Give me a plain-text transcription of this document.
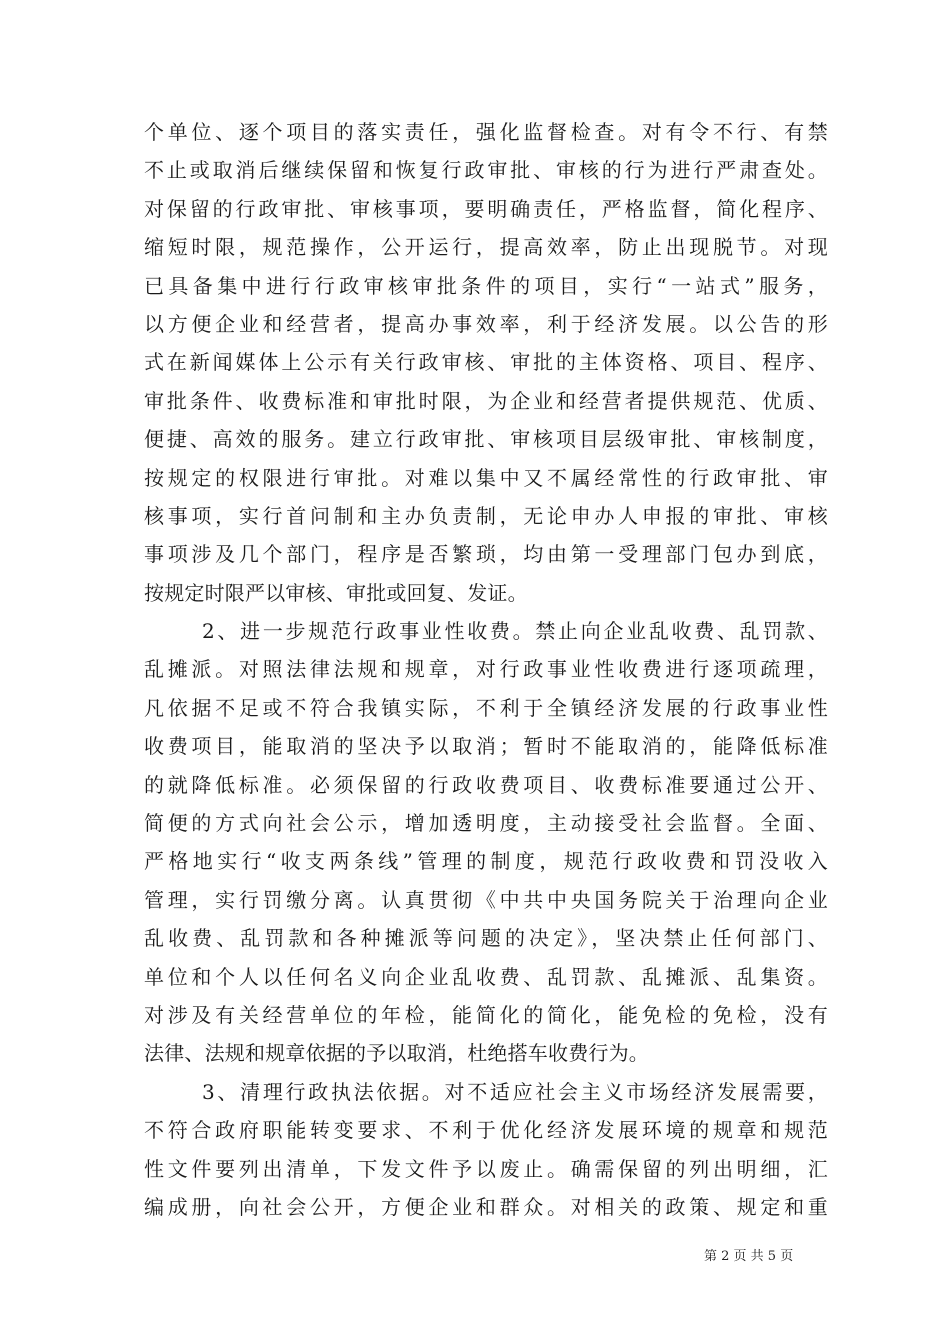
个单位、逐个项目的落实责任，强化监督检查。对有令不行、有禁
不止或取消后继续保留和恢复行政审批、审核的行为进行严肃查处。
对保留的行政审批、审核事项，要明确责任，严格监督，简化程序、
缩短时限，规范操作，公开运行，提高效率，防止出现脱节。对现
已具备集中进行行政审核审批条件的项目，实行“一站式”服务，
以方便企业和经营者，提高办事效率，利于经济发展。以公告的形
式在新闻媒体上公示有关行政审核、审批的主体资格、项目、程序、
审批条件、收费标准和审批时限，为企业和经营者提供规范、优质、
便捷、高效的服务。建立行政审批、审核项目层级审批、审核制度，
按规定的权限进行审批。对难以集中又不属经常性的行政审批、审
核事项，实行首问制和主办负责制，无论申办人申报的审批、审核
事项涉及几个部门，程序是否繁琐，均由第一受理部门包办到底，
按规定时限严以审核、审批或回复、发证。
2、进一步规范行政事业性收费。禁止向企业乱收费、乱罚款、
乱摊派。对照法律法规和规章，对行政事业性收费进行逐项疏理，
凡依据不足或不符合我镇实际，不利于全镇经济发展的行政事业性
收费项目，能取消的坚决予以取消；暂时不能取消的，能降低标准
的就降低标准。必须保留的行政收费项目、收费标准要通过公开、
简便的方式向社会公示，增加透明度，主动接受社会监督。全面、
严格地实行“收支两条线”管理的制度，规范行政收费和罚没收入
管理，实行罚缴分离。认真贯彻《中共中央国务院关于治理向企业
乱收费、乱罚款和各种摊派等问题的决定》，坚决禁止任何部门、
单位和个人以任何名义向企业乱收费、乱罚款、乱摊派、乱集资。
对涉及有关经营单位的年检，能简化的简化，能免检的免检，没有
法律、法规和规章依据的予以取消，杜绝搭车收费行为。
3、清理行政执法依据。对不适应社会主义市场经济发展需要，
不符合政府职能转变要求、不利于优化经济发展环境的规章和规范
性文件要列出清单，下发文件予以废止。确需保留的列出明细，汇
编成册，向社会公开，方便企业和群众。对相关的政策、规定和重
第 2 页 共 5 页
